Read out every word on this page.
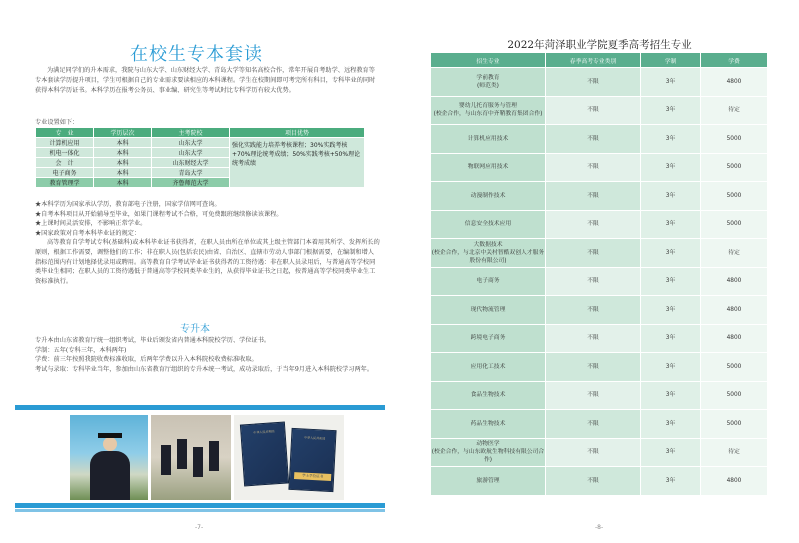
在校生专本套读
为满足同学们的升本需求，我院与山东大学、山东财经大学、青岛大学等知名高校合作，常年开展自考助学、远程教育等专本套读学历提升项目，学生可根据自己的专业需求要读相应的本科课程。学生在校期间即可考完所有科目，专科毕业的同时获得本科学历证书。本科学历在报考公务员、事业编、研究生等考试时比专科学历有较大优势。
专业设置如下：
专　业	学历层次	主考院校	项目优势
计算机应用	本科	山东大学	强化实践能力培养考核课程；30%实践考核+70%理论统考成绩；50%实践考核+50%理论统考成绩
机电一体化	本科	山东大学	
会　计	本科	山东财经大学	
电子商务	本科	青岛大学	
教育管理学	本科	齐鲁师范大学	
★本科学历为国家承认学历，教育部电子注册，国家学信网可查询。
★自考本科项目从开始辅导至毕业，如果门课程考试不合格，可免费跟班继续修读该课程。
★上课时间灵活安排，不影响正常学业。
★国家政策对自考本科毕业证的规定：
高等教育自学考试专科(基础科)或本科毕业证书获得者，在职人员由所在单位或其上级主管部门本着用其所学、发挥所长的原则，根据工作需要，调整他们的工作；非在职人员(包括农民)由省、自治区、直辖市劳动人事部门根据需要，在编制和增人指标范围内有计划地择优录用或聘用。高等教育自学考试毕业证书获得者的工资待遇：非在职人员录用后，与普通高等学校同类毕业生相同；在职人员的工资待遇低于普通高等学校同类毕业生的，从获得毕业证书之日起，按普通高等学校同类毕业生工资标准执行。
专升本
专升本由山东省教育厅统一组织考试，毕业后颁发省内普通本科院校学历、学位证书。
学制：五年(专科三年，本科两年)
学费：前三年按照我院收费标准收取，后两年学费以升入本科院校收费标准收取。
考试与录取：专科毕业当年，参加由山东省教育厅组织的专升本统一考试，成功录取后，于当年9月进入本科院校学习两年。
中华人民共和国
中华人民共和国
学士学位证书
-7-
2022年菏泽职业学院夏季高考招生专业
招生专业	春季高考专业类别	学制	学费

学前教育
(师范类)	不限	3年	4800

婴幼儿托育服务与管理
(校企合作，与山东育中齐鞘教育集团合作)	不限	3年	待定

计算机应用技术	不限	3年	5000

物联网应用技术	不限	3年	5000

动漫制作技术	不限	3年	5000

信息安全技术应用	不限	3年	5000

大数据技术
(校企合作，与北京中关村智酷双创人才服务股份有限公司)	不限	3年	待定

电子商务	不限	3年	4800

现代物流管理	不限	3年	4800

跨境电子商务	不限	3年	4800

应用化工技术	不限	3年	5000

食品生物技术	不限	3年	5000

药品生物技术	不限	3年	5000

动物医学
(校企合作，与山东欧航生物科技有限公司合作)	不限	3年	待定

旅游管理	不限	3年	4800
-8-
